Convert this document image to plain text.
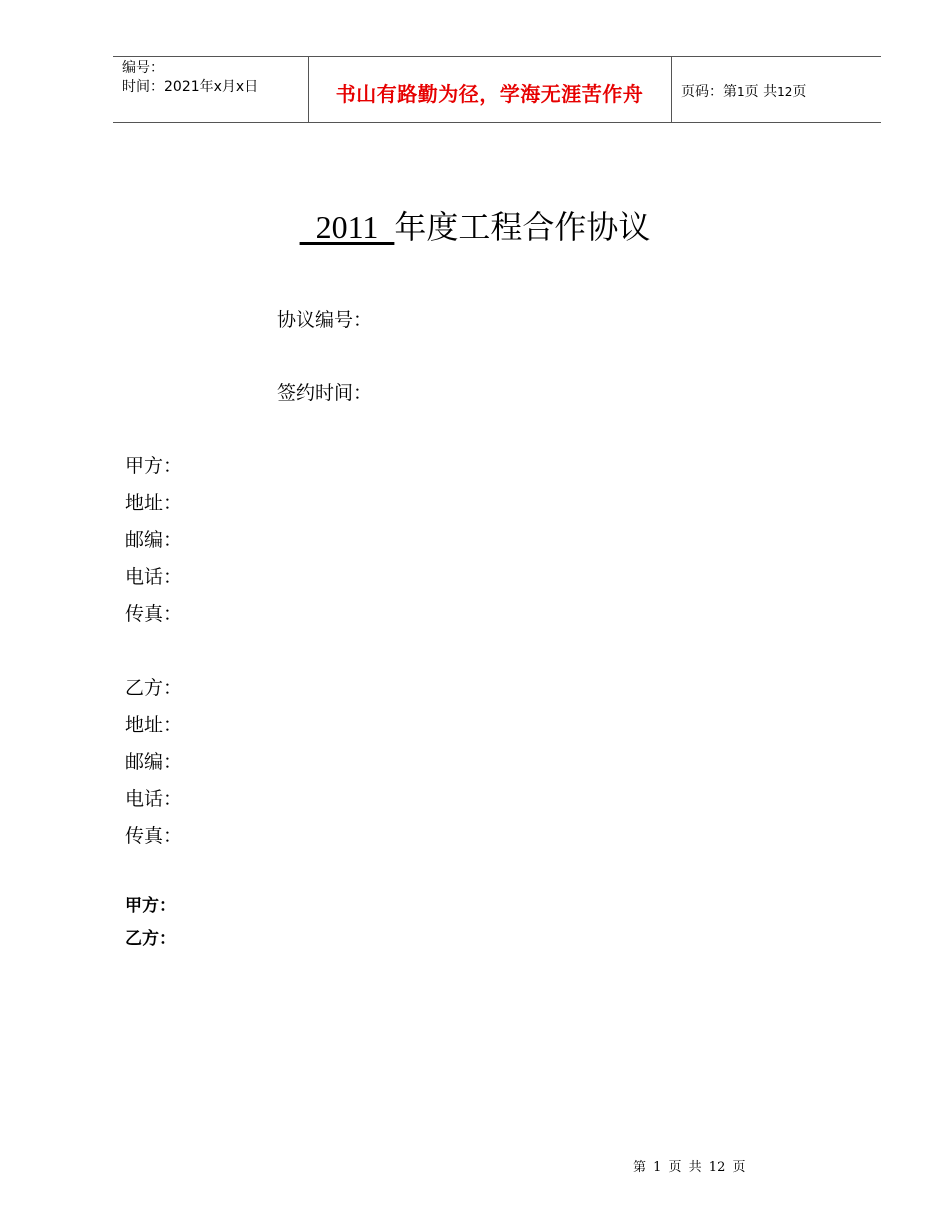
编号：
时间：2021年x月x日	书山有路勤为径，学海无涯苦作舟	页码：第1页 共12页
2011  年度工程合作协议
协议编号：
签约时间：
甲方：
地址：
邮编：
电话：
传真：
乙方：
地址：
邮编：
电话：
传真：
甲方：
乙方：
第 1 页 共 12 页
